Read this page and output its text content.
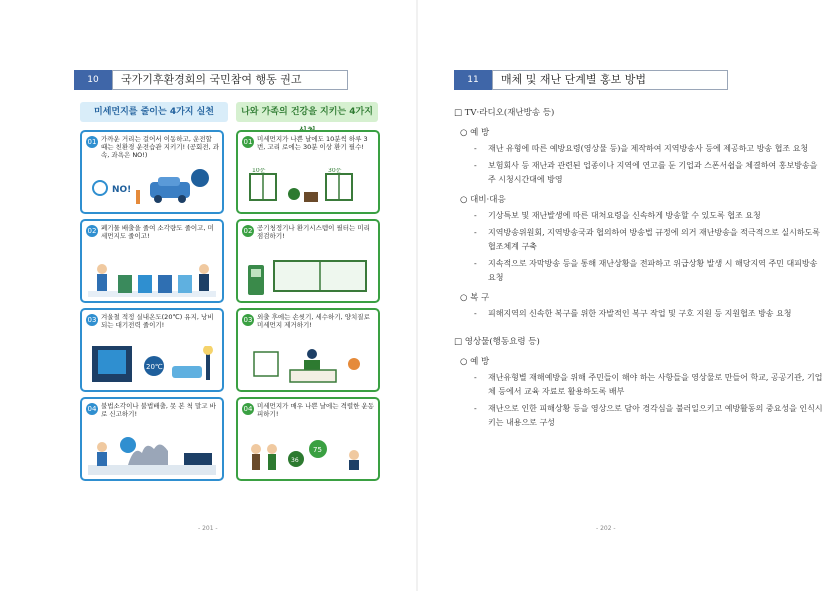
10	국가기후환경회의 국민참여 행동 권고
미세먼지를 줄이는 4가지 실천	나와 가족의 건강을 지키는 4가지
01 가까운 거리는 걸어서 이동하고, 운전할 때는 친환경 운전습관 지키기! (공회전, 과속, 과욕은 NO!)
NO!
02 폐기물 배출을 줄여 소각량도 줄이고, 미세먼지도 줄이고!
03 겨울철 적정 실내온도(20℃) 유지, 낭비되는 대기전력 줄이기!
20℃
04 불법소각이나 불법배출, 못 본 척 말고 바로 신고하기!
01 미세먼지가 나쁜 날에도 10분씩 하루 3번, 고리 로에는 30분 이상 환기 필수!
10분	30분
02 공기청정기나 환기시스템이 필터는 미리 점검하기!
03 외출 후에는 손씻기, 세수하기, 양치질로 미세먼지 제거하기!
04 미세먼지가 매우 나쁜 날에는 격렬한 운동 피하기!
36
75
- 201 -
11	매체 및 재난 단계별 홍보 방법
□ TV·라디오(재난방송 등)
○ 예 방
-	재난 유형에 따른 예방요령(영상물 등)을 제작하여 지역방송사 등에 제공하고 방송 협조 요청
-	보험회사 등 재난과 관련된 업종이나 지역에 연고를 둔 기업과 스폰서쉽을 체결하여 홍보방송을 주 시청시간대에 방영
○ 대비·대응
-	기상특보 및 재난발생에 따른 대처요령을 신속하게 방송할 수 있도록 협조 요청
-	지역방송위원회, 지역방송국과 협의하여 방송법 규정에 의거 재난방송을 적극적으로 실시하도록 협조체계 구축
-	지속적으로 자막방송 등을 통해 재난상황을 전파하고 위급상황 발생 시 해당지역 주민 대피방송 요청
○ 복 구
-	피해지역의 신속한 복구를 위한 자발적인 복구 작업 및 구호 지원 등 지원협조 방송 요청
□ 영상물(행동요령 등)
○ 예 방
-	재난유형별 재해예방을 위해 주민들이 해야 하는 사항들을 영상물로 만들어 학교, 공공기관, 기업체 등에서 교육 자료로 활용하도록 배부
-	재난으로 인한 피해상황 등을 영상으로 담아 경각심을 불러일으키고 예방활동의 중요성을 인식시키는 내용으로 구성
- 202 -
